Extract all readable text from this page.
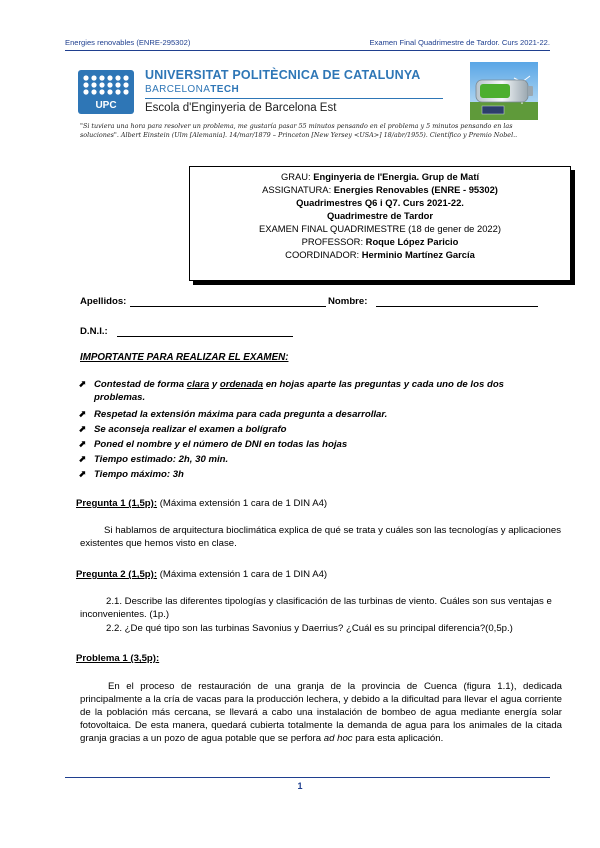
Energies renovables (ENRE-295302)	Examen Final Quadrimestre de Tardor. Curs 2021-22.
UPC
UNIVERSITAT POLITÈCNICA DE CATALUNYA
BARCELONATECH
Escola d'Enginyeria de Barcelona Est
"Si tuviera una hora para resolver un problema, me gustaría pasar 55 minutos pensando en el problema y 5 minutos pensando en las soluciones". Albert Einstein (Ulm [Alemania]. 14/mar/1879 – Princeton [New Yersey <USA>] 18/abr/1955). Científico y Premio Nobel..
GRAU: Enginyeria de l'Energia. Grup de Matí
ASSIGNATURA: Energies Renovables (ENRE - 95302)
Quadrimestres Q6 i Q7. Curs 2021-22.
Quadrimestre de Tardor
EXAMEN FINAL QUADRIMESTRE (18 de gener de 2022)
PROFESSOR: Roque López Paricio
COORDINADOR: Herminio Martínez García
Apellidos:	Nombre:
D.N.I.:
IMPORTANTE PARA REALIZAR EL EXAMEN:
⬈ Contestad de forma clara y ordenada en hojas aparte las preguntas y cada uno de los dos problemas.
⬈ Respetad la extensión máxima para cada pregunta a desarrollar.
⬈ Se aconseja realizar el examen a bolígrafo
⬈ Poned el nombre y el número de DNI en todas las hojas
⬈ Tiempo estimado: 2h, 30 min.
⬈ Tiempo máximo: 3h
Pregunta 1 (1,5p): (Máxima extensión 1 cara de 1 DIN A4)
Si hablamos de arquitectura bioclimática explica de qué se trata y cuáles son las tecnologías y aplicaciones existentes que hemos visto en clase.
Pregunta 2 (1,5p): (Máxima extensión 1 cara de 1 DIN A4)
2.1. Describe las diferentes tipologías y clasificación de las turbinas de viento. Cuáles son sus ventajas e inconvenientes. (1p.)
2.2. ¿De qué tipo son las turbinas Savonius y Daerrius? ¿Cuál es su principal diferencia?(0,5p.)
Problema 1 (3,5p):
En el proceso de restauración de una granja de la provincia de Cuenca (figura 1.1), dedicada principalmente a la cría de vacas para la producción lechera, y debido a la dificultad para llevar el agua corriente de la población más cercana, se llevará a cabo una instalación de bombeo de agua mediante energía solar fotovoltaica. De esta manera, quedará cubierta totalmente la demanda de agua para los animales de la citada granja gracias a un pozo de agua potable que se perfora ad hoc para esta aplicación.
1
